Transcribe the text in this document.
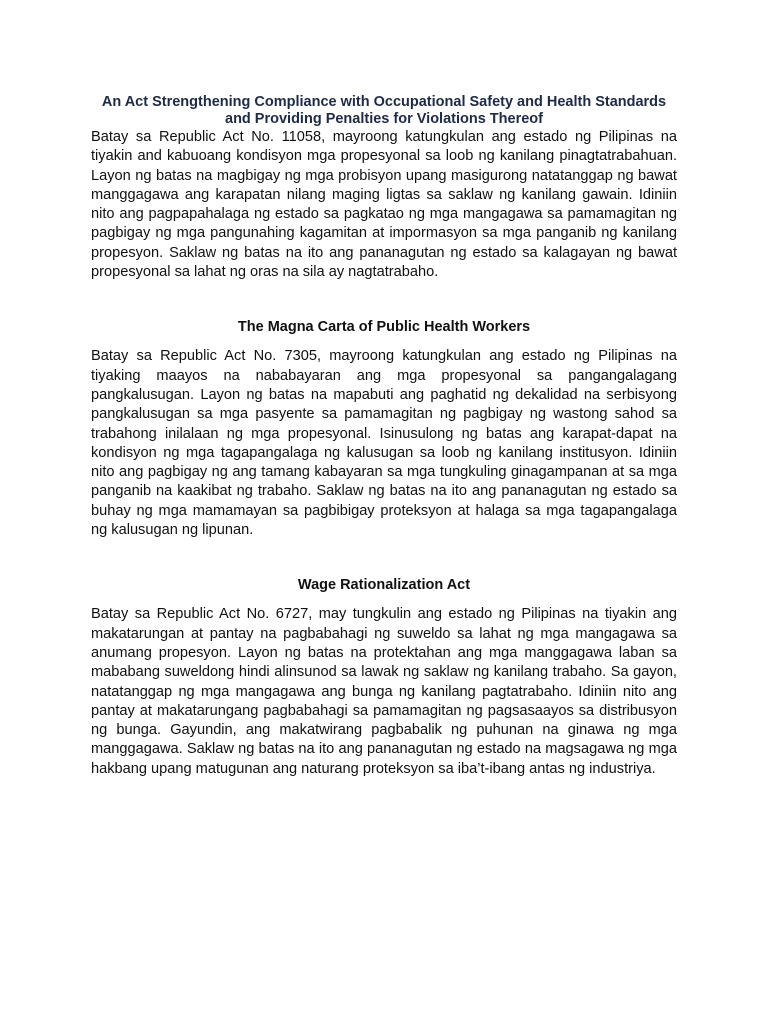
An Act Strengthening Compliance with Occupational Safety and Health Standards and Providing Penalties for Violations Thereof

Batay sa Republic Act No. 11058, mayroong katungkulan ang estado ng Pilipinas na tiyakin and kabuoang kondisyon mga propesyonal sa loob ng kanilang pinagtatrabahuan. Layon ng batas na magbigay ng mga probisyon upang masigurong natatanggap ng bawat manggagawa ang karapatan nilang maging ligtas sa saklaw ng kanilang gawain. Idiniin nito ang pagpapahalaga ng estado sa pagkatao ng mga mangagawa sa pamamagitan ng pagbigay ng mga pangunahing kagamitan at impormasyon sa mga panganib ng kanilang propesyon. Saklaw ng batas na ito ang pananagutan ng estado sa kalagayan ng bawat propesyonal sa lahat ng oras na sila ay nagtatrabaho.

The Magna Carta of Public Health Workers

Batay sa Republic Act No. 7305, mayroong katungkulan ang estado ng Pilipinas na tiyaking maayos na nababayaran ang mga propesyonal sa pangangalagang pangkalusugan. Layon ng batas na mapabuti ang paghatid ng dekalidad na serbisyong pangkalusugan sa mga pasyente sa pamamagitan ng pagbigay ng wastong sahod sa trabahong inilalaan ng mga propesyonal. Isinusulong ng batas ang karapat-dapat na kondisyon ng mga tagapangalaga ng kalusugan sa loob ng kanilang institusyon. Idiniin nito ang pagbigay ng ang tamang kabayaran sa mga tungkuling ginagampanan at sa mga panganib na kaakibat ng trabaho. Saklaw ng batas na ito ang pananagutan ng estado sa buhay ng mga mamamayan sa pagbibigay proteksyon at halaga sa mga tagapangalaga ng kalusugan ng lipunan.

Wage Rationalization Act

Batay sa Republic Act No. 6727, may tungkulin ang estado ng Pilipinas na tiyakin ang makatarungan at pantay na pagbabahagi ng suweldo sa lahat ng mga mangagawa sa anumang propesyon. Layon ng batas na protektahan ang mga manggagawa laban sa mababang suweldong hindi alinsunod sa lawak ng saklaw ng kanilang trabaho. Sa gayon, natatanggap ng mga mangagawa ang bunga ng kanilang pagtatrabaho. Idiniin nito ang pantay at makatarungang pagbabahagi sa pamamagitan ng pagsasaayos sa distribusyon ng bunga. Gayundin, ang makatwirang pagbabalik ng puhunan na ginawa ng mga manggagawa. Saklaw ng batas na ito ang pananagutan ng estado na magsagawa ng mga hakbang upang matugunan ang naturang proteksyon sa iba’t-ibang antas ng industriya.
